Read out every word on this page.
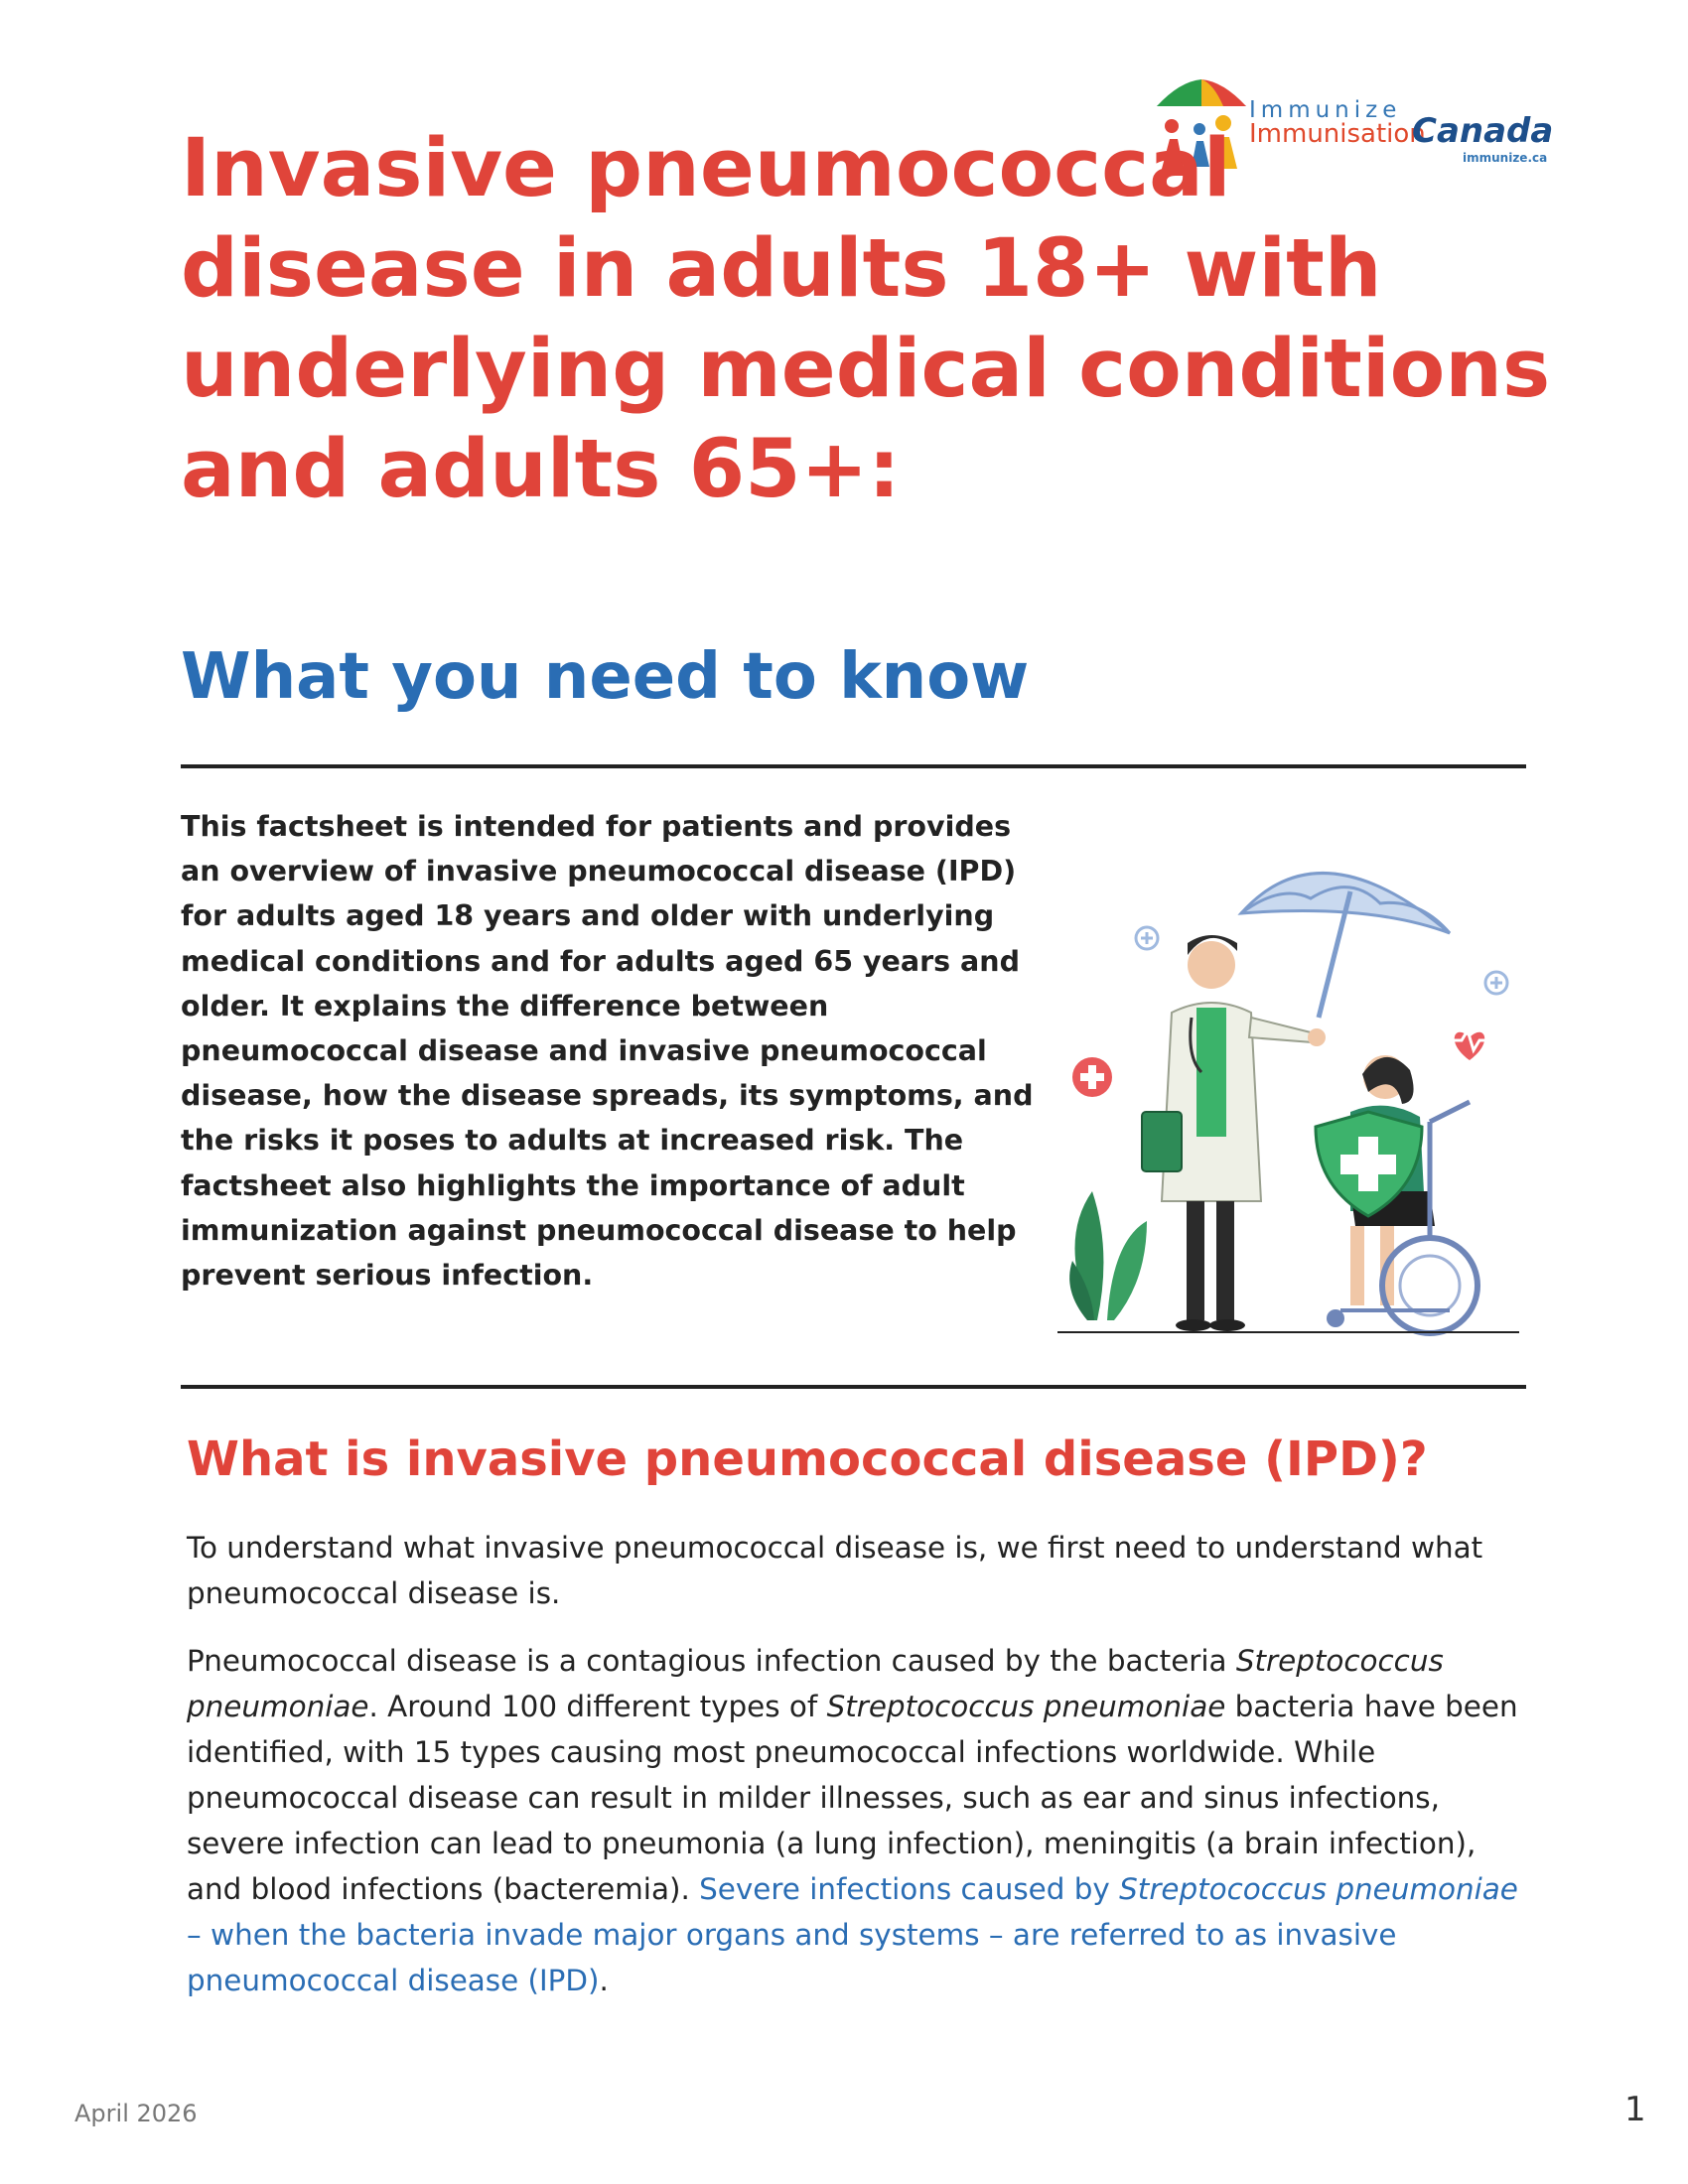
Immunize
Immunisation
Canada
immunize.ca
Invasive pneumococcal disease in adults 18+ with underlying medical conditions and adults 65+:
What you need to know

This factsheet is intended for patients and provides an overview of invasive pneumococcal disease (IPD) for adults aged 18 years and older with underlying medical conditions and for adults aged 65 years and older. It explains the difference between pneumococcal disease and invasive pneumococcal disease, how the disease spreads, its symptoms, and the risks it poses to adults at increased risk. The factsheet also highlights the importance of adult immunization against pneumococcal disease to help prevent serious infection.

What is invasive pneumococcal disease (IPD)?

To understand what invasive pneumococcal disease is, we first need to understand what pneumococcal disease is.

Pneumococcal disease is a contagious infection caused by the bacteria Streptococcus pneumoniae. Around 100 different types of Streptococcus pneumoniae bacteria have been identified, with 15 types causing most pneumococcal infections worldwide. While pneumococcal disease can result in milder illnesses, such as ear and sinus infections, severe infection can lead to pneumonia (a lung infection), meningitis (a brain infection), and blood infections (bacteremia). Severe infections caused by Streptococcus pneumoniae – when the bacteria invade major organs and systems – are referred to as invasive pneumococcal disease (IPD).

April 2026	1
